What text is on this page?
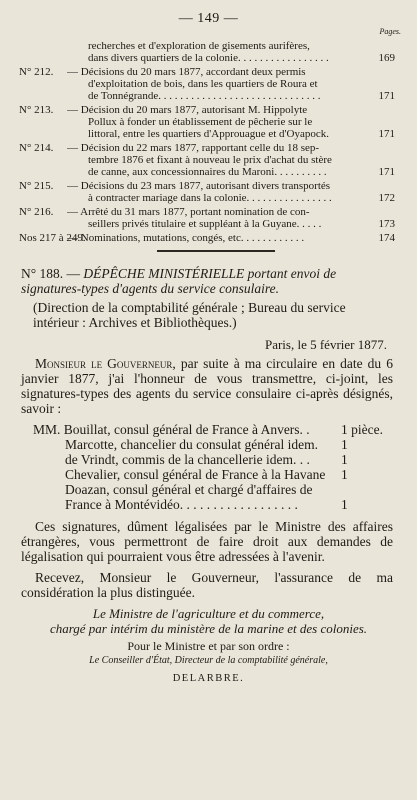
— 149 —
Pages.
recherches et d'exploration de gisements aurifères,
dans divers quartiers de la colonie. . . . . . . . . . . . . . . . .	169
N° 212. — Décisions du 20 mars 1877, accordant deux permis
d'exploitation de bois, dans les quartiers de Roura et
de Tonnégrande. . . . . . . . . . . . . . . . . . . . . . . . . . . . . .	171
N° 213. — Décision du 20 mars 1877, autorisant M. Hippolyte
Pollux à fonder un établissement de pêcherie sur le
littoral, entre les quartiers d'Approuague et d'Oyapock.	171
N° 214. — Décision du 22 mars 1877, rapportant celle du 18 sep-
tembre 1876 et fixant à nouveau le prix d'achat du stère
de canne, aux concessionnaires du Maroni. . . . . . . . . .	171
N° 215. — Décisions du 23 mars 1877, autorisant divers transportés
à contracter mariage dans la colonie. . . . . . . . . . . . . . . .	172
N° 216. — Arrêté du 31 mars 1877, portant nomination de con-
seillers privés titulaire et suppléant à la Guyane. . . . .	173
Nos 217 à 249.
— Nominations, mutations, congés, etc. . . . . . . . . . . .	174
N° 188. — DÉPÊCHE MINISTÉRIELLE portant envoi de signatures-types d'agents du service consulaire.
(Direction de la comptabilité générale ; Bureau du service intérieur : Archives et Bibliothèques.)
Paris, le 5 février 1877.
Monsieur le Gouverneur, par suite à ma circulaire en date du 6 janvier 1877, j'ai l'honneur de vous transmettre, ci-joint, les signatures-types des agents du service consulaire ci-après désignés, savoir :
MM. Bouillat, consul général de France à Anvers. . 1 pièce.
Marcotte, chancelier du consulat général idem. 1
de Vrindt, commis de la chancellerie idem. . . 1
Chevalier, consul général de France à la Havane 1
Doazan, consul général et chargé d'affaires de
France à Montévidéo. . . . . . . . . . . . . . . . . .	1
Ces signatures, dûment légalisées par le Ministre des affaires étrangères, vous permettront de faire droit aux demandes de légalisation qui pourraient vous être adressées à l'avenir.
Recevez, Monsieur le Gouverneur, l'assurance de ma considération la plus distinguée.
Le Ministre de l'agriculture et du commerce,
chargé par intérim du ministère de la marine et des colonies.
Pour le Ministre et par son ordre :
Le Conseiller d'État, Directeur de la comptabilité générale,
DELARBRE.
